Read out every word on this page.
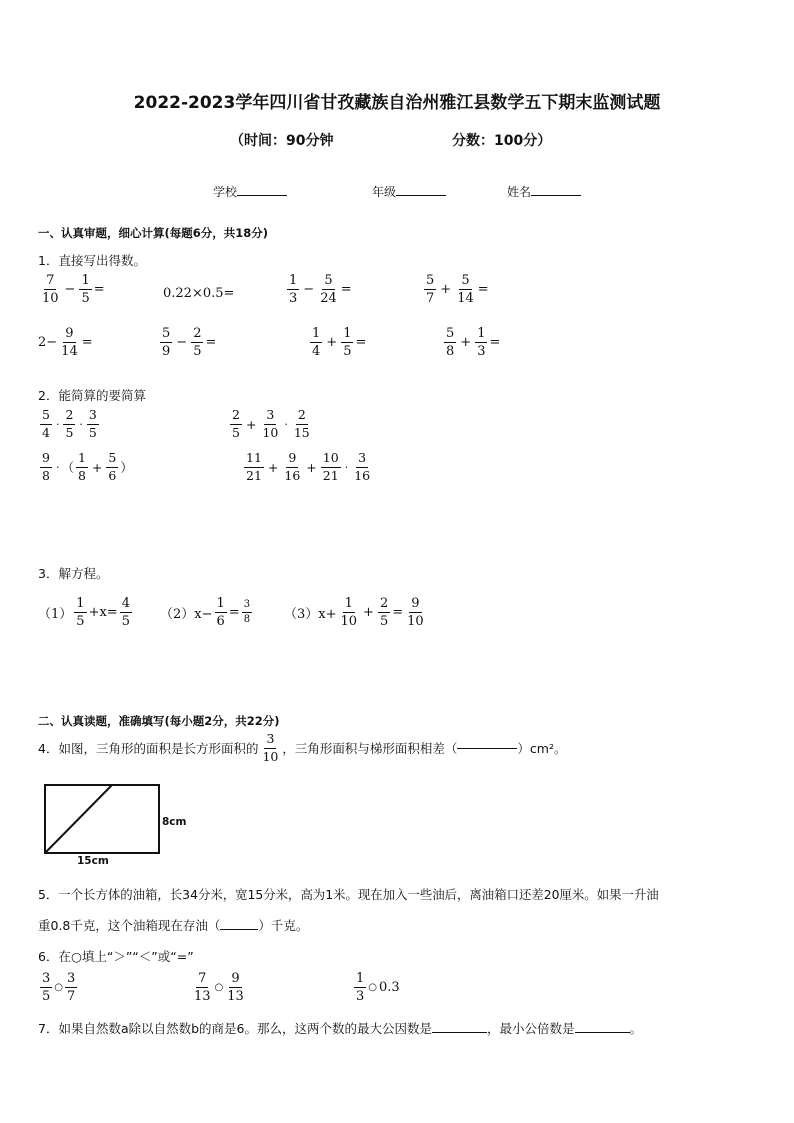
2022-2023学年四川省甘孜藏族自治州雅江县数学五下期末监测试题
（时间：90分钟	分数：100分）
学校	年级	姓名
一、认真审题，细心计算(每题6分，共18分)
1．直接写出得数。
$\frac{7}{10} - \frac{1}{5}$ =	0.22×0.5=	$\frac{1}{3} - \frac{5}{24}$ =	$\frac{5}{7} + \frac{5}{14}$ =
$2- \frac{9}{14}$ =	$\frac{5}{9} - \frac{2}{5}$ =	$\frac{1}{4} + \frac{1}{5}$ =	$\frac{5}{8} + \frac{1}{3}$ =
2．能简算的要简算
$\frac{5}{4} \cdot \frac{2}{5} \cdot \frac{3}{5}$	$\frac{2}{5} + \frac{3}{10} \cdot \frac{2}{15}$
$\frac{9}{8}$ · （ $\frac{1}{8} + \frac{5}{6}$ ）	$\frac{11}{21} + \frac{9}{16} + \frac{10}{21} \cdot \frac{3}{16}$
3．解方程。
$(1) \frac{1}{5} +x= \frac{4}{5} (2)x- \frac{1}{6} = \frac{3}{8} (3)x+ \frac{1}{10} + \frac{2}{5} = \frac{9}{10}$
二、认真读题，准确填写(每小题2分，共22分)
4．如图，三角形的面积是长方形面积的 $\frac{3}{10}$ ，三角形面积与梯形面积相差（	）cm²。
8cm
15cm
5．一个长方体的油箱，长34分米，宽15分米，高为1米。现在加入一些油后，离油箱口还差20厘米。如果一升油
重0.8千克，这个油箱现在存油（	）千克。
6．在○填上“＞”“＜”或“=”
$\frac{3}{5}$ ○ $\frac{3}{7}$	$\frac{7}{13}$ ○ $\frac{9}{13}$	$\frac{1}{3}$ ○ 0.3
7．如果自然数a除以自然数b的商是6。那么，这两个数的最大公因数是	，最小公倍数是	。
